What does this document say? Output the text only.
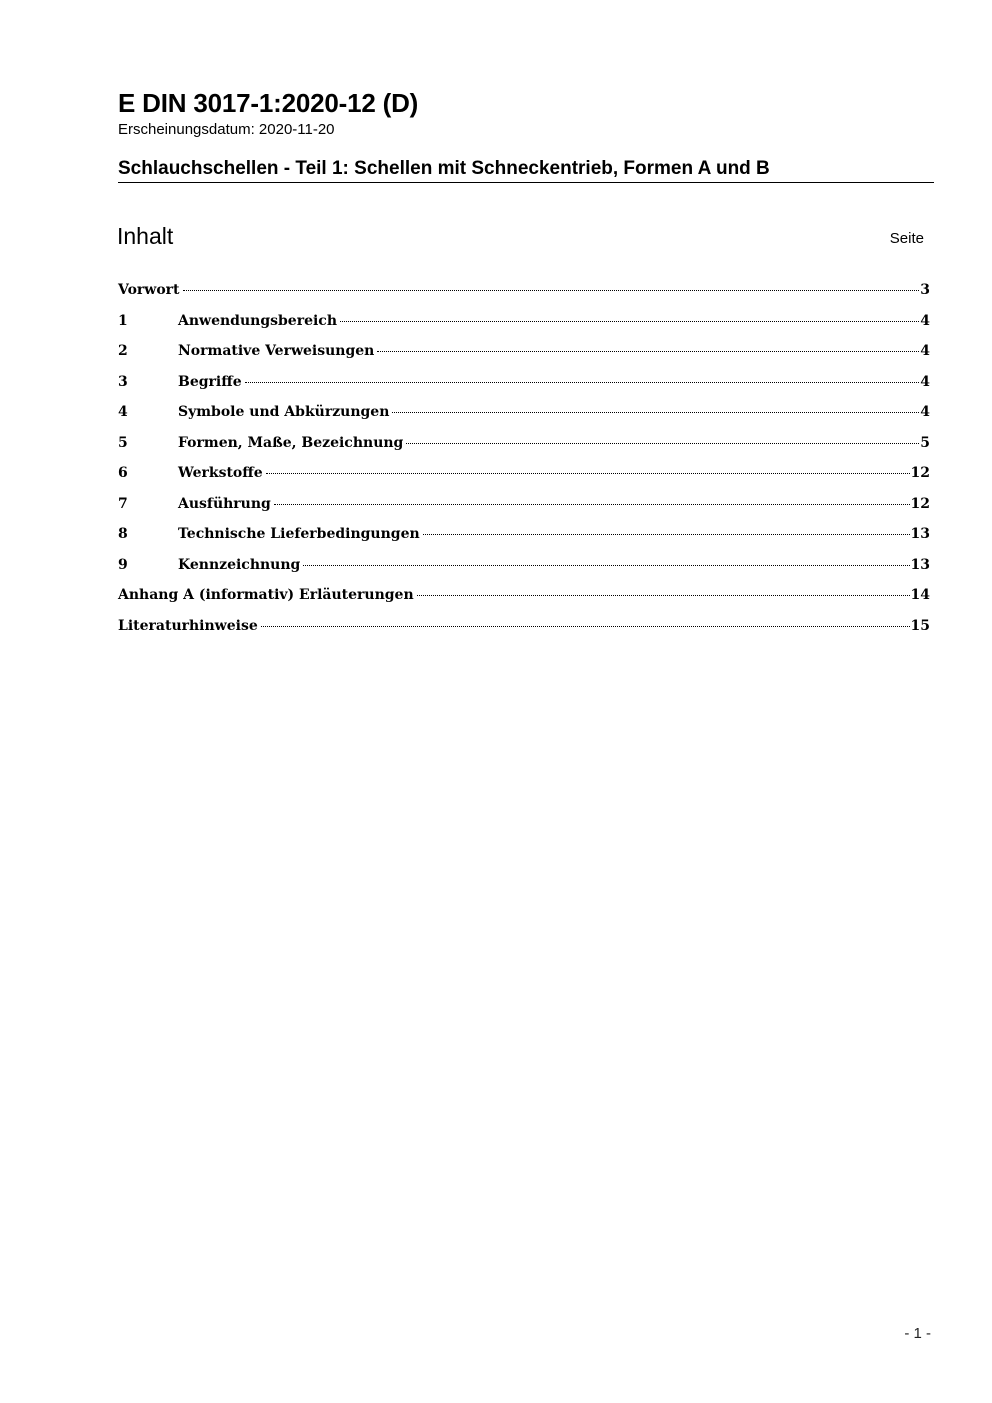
E DIN 3017-1:2020-12 (D)
Erscheinungsdatum: 2020-11-20
Schlauchschellen - Teil 1: Schellen mit Schneckentrieb, Formen A und B
Inhalt	Seite
Vorwort	3
1	Anwendungsbereich	4
2	Normative Verweisungen	4
3	Begriffe	4
4	Symbole und Abkürzungen	4
5	Formen, Maße, Bezeichnung	5
6	Werkstoffe	12
7	Ausführung	12
8	Technische Lieferbedingungen	13
9	Kennzeichnung	13
Anhang A (informativ) Erläuterungen	14
Literaturhinweise	15
- 1 -
